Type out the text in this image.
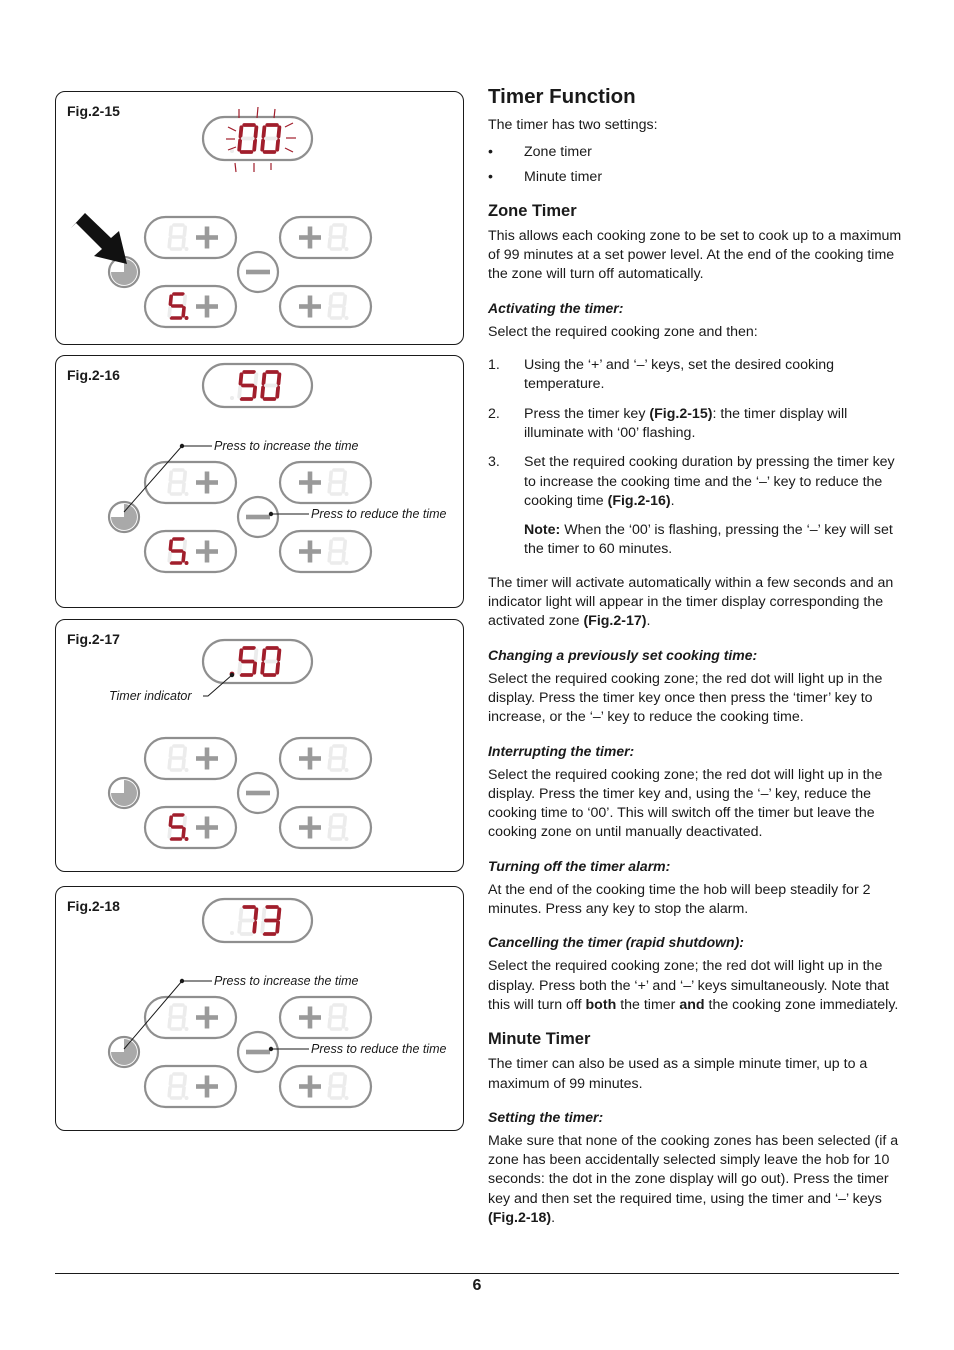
Fig.2-15
Fig.2-16
Press to increase the time
Press to reduce the time
Fig.2-17
Timer indicator
Fig.2-18
Press to increase the time
Press to reduce the time
Timer Function

The timer has two settings:

• Zone timer
• Minute timer
Zone Timer

This allows each cooking zone to be set to cook up to a maximum of 99 minutes at a set power level. At the end of the cooking time the zone will turn off automatically.

Activating the timer:

Select the required cooking zone and then:

1. Using the ‘+’ and ‘–’ keys, set the desired cooking temperature.
2. Press the timer key (Fig.2-15): the timer display will illuminate with ‘00’ flashing.
3. Set the required cooking duration by pressing the timer key to increase the cooking time and the ‘–’ key to reduce the cooking time (Fig.2-16).
Note: When the ‘00’ is flashing, pressing the ‘–’ key will set the timer to 60 minutes.

The timer will activate automatically within a few seconds and an indicator light will appear in the timer display corresponding the activated zone (Fig.2-17).

Changing a previously set cooking time:

Select the required cooking zone; the red dot will light up in the display. Press the timer key once then press the ‘timer’ key to increase, or the ‘–’ key to reduce the cooking time.

Interrupting the timer:

Select the required cooking zone; the red dot will light up in the display. Press the timer key and, using the ‘–’ key, reduce the cooking time to ‘00’. This will switch off the timer but leave the cooking zone on until manually deactivated.

Turning off the timer alarm:

At the end of the cooking time the hob will beep steadily for 2 minutes. Press any key to stop the alarm.

Cancelling the timer (rapid shutdown):

Select the required cooking zone; the red dot will light up in the display. Press both the ‘+’ and ‘–’ keys simultaneously. Note that this will turn off both the timer and the cooking zone immediately.

Minute Timer

The timer can also be used as a simple minute timer, up to a maximum of 99 minutes.

Setting the timer:

Make sure that none of the cooking zones has been selected (if a zone has been accidentally selected simply leave the hob for 10 seconds: the dot in the zone display will go out). Press the timer key and then set the required time, using the timer and ‘–’ keys (Fig.2-18).

6
